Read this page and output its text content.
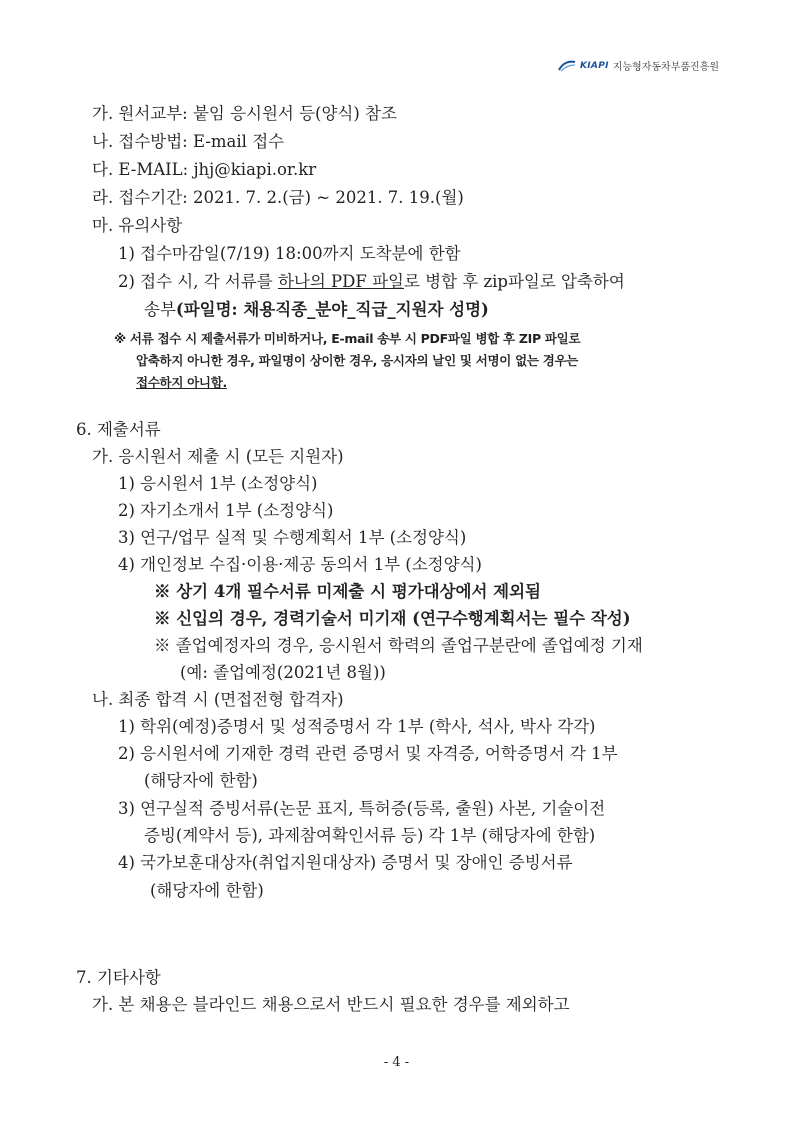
KIAPI 지능형자동차부품진흥원
가. 원서교부: 붙임 응시원서 등(양식) 참조
나. 접수방법: E-mail 접수
다. E-MAIL: jhj@kiapi.or.kr
라. 접수기간: 2021. 7. 2.(금) ~ 2021. 7. 19.(월)
마. 유의사항
1) 접수마감일(7/19) 18:00까지 도착분에 한함
2) 접수 시, 각 서류를 하나의 PDF 파일로 병합 후 zip파일로 압축하여
송부(파일명: 채용직종_분야_직급_지원자 성명)
※ 서류 접수 시 제출서류가 미비하거나, E-mail 송부 시 PDF파일 병합 후 ZIP 파일로
압축하지 아니한 경우, 파일명이 상이한 경우, 응시자의 날인 및 서명이 없는 경우는
접수하지 아니함.
6. 제출서류
가. 응시원서 제출 시 (모든 지원자)
1) 응시원서 1부 (소정양식)
2) 자기소개서 1부 (소정양식)
3) 연구/업무 실적 및 수행계획서 1부 (소정양식)
4) 개인정보 수집·이용·제공 동의서 1부 (소정양식)
※ 상기 4개 필수서류 미제출 시 평가대상에서 제외됨
※ 신입의 경우, 경력기술서 미기재 (연구수행계획서는 필수 작성)
※ 졸업예정자의 경우, 응시원서 학력의 졸업구분란에 졸업예정 기재
(예: 졸업예정(2021년 8월))
나. 최종 합격 시 (면접전형 합격자)
1) 학위(예정)증명서 및 성적증명서 각 1부 (학사, 석사, 박사 각각)
2) 응시원서에 기재한 경력 관련 증명서 및 자격증, 어학증명서 각 1부
(해당자에 한함)
3) 연구실적 증빙서류(논문 표지, 특허증(등록, 출원) 사본, 기술이전
증빙(계약서 등), 과제참여확인서류 등) 각 1부 (해당자에 한함)
4) 국가보훈대상자(취업지원대상자) 증명서 및 장애인 증빙서류
(해당자에 한함)
7. 기타사항
가. 본 채용은 블라인드 채용으로서 반드시 필요한 경우를 제외하고
- 4 -
